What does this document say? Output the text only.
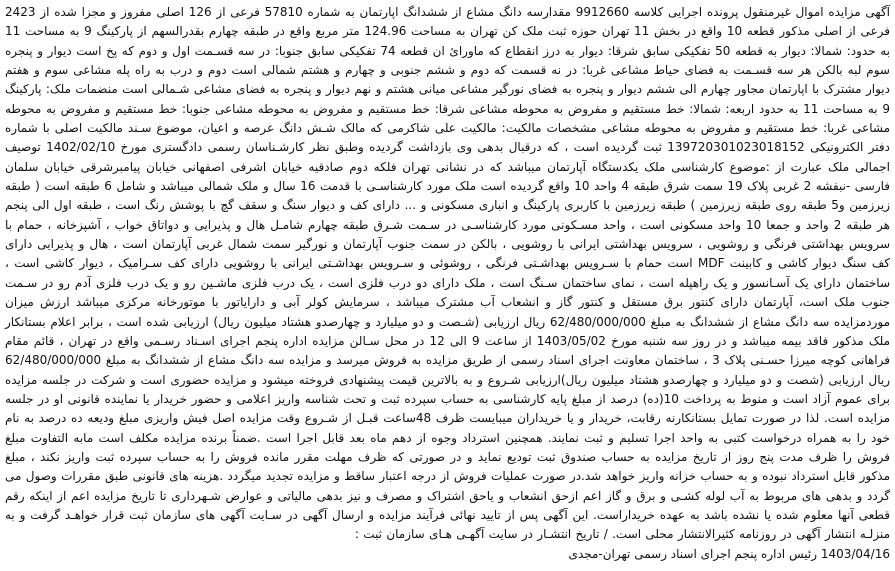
آگهی مزایده اموال غیرمنقول پرونده اجرایی کلاسه 9912660 مقدارسه دانگ مشاع از ششدانگ اپارتمان به شماره 57810 فرعی از 126 اصلی مفروز و مجزا شده از 2423 فرعی از اصلی مذکور قطعه 10 واقع در بخش 11 تهران حوزه ثبت ملک کن تهران به مساحت 124.96 متر مربع واقع در طبقه چهارم بقدرالسهم از پارکینگ 9 به مساحت 11 به حدود: شمالا: دیوار به قطعه 50 تفکیکی سابق شرقا: دیوار به درز انقطاع که ماورائ ان قطعه 74 تفکیکی سابق جنوبا: در سه قسـمت اول و دوم که پخ است دیوار و پنجره سوم لبه بالکن هر سه قسـمت به فضای حیاط مشاعی غربا: در نه قسمت که دوم و ششم جنوبی و چهارم و هشتم شمالی است دوم و درب به راه پله مشاعی سوم و هفتم دیوار مشترک با اپارتمان مجاور چهارم الی ششم دیوار و پنجره به فضای نورگیر مشاعی میانی هشتم و نهم دیوار و پنجره به فضای مشاعی شـمالی است منضمات ملک: پارکینگ 9 به مساحت 11 به حدود اربعه: شمالا: خط مستقیم و مفروض به محوطه مشاعی شرقا: خط مستقیم و مفروض به محوطه مشاعی جنوبا: خط مستقیم و مفروض به محوطه مشاعی غربا: خط مستقیم و مفروض به محوطه مشاعی مشخصات مالکیت: مالکیت علی شاکرمی که مالک شـش دانگ عرصه و اعیان، موضوع سـند مالکیت اصلی با شماره دفتر الکترونیکی 139720301023018152 ثبت گردیده است ، که درقبال بدهی وی بازداشت گردیده وطبق نظر کارشـناسان رسمی دادگستری مورخ 1402/02/10 توصیف اجمالی ملک عبارت از :موضوع کارشناسی ملک یکدستگاه آپارتمان میباشد که در نشانی تهران فلکه دوم صادقیه خیابان اشرفی اصفهانی خیابان پیامبرشرقی خیابان سلمان فارسی -نبفشه 2 غربی پلاک 19 سمت شرق طبقه 4 واحد 10 واقع گردیده است ملک مورد کارشناسـی با قدمت 16 سال و ملک شمالی میباشد و شامل 6 طبقه است ( طبقه زیرزمین و5 طبقه روی طبقه زیرزمین ) طبقه زیرزمین با کاربری پارکینگ و انباری مسکونی و ... دارای کف و دیوار سنگ و سقف گچ با پوشش رنگ است ، طبقه اول الی پنجم هر طبقه 2 واحد و جمعا 10 واحد مسکونی است ، واحد مسـکونی مورد کارشناسـی در سـمت شـرق طبقه چهارم شامـل هال و پذیرایی و دواتاق خواب ، آشپزخانه ، حمام با سرویس بهداشتی فرنگی و روشویی ، سرویس بهداشتی ایرانی با روشویی ، بالکن در سمت جنوب آپارتمان و نورگیر سمت شمال غربی آپارتمان است ، هال و پذیرایی دارای کف سنگ دیوار کاشی و کابینت MDF است حمام با سـرویس بهداشـتی فرنگی ، روشوئی و سـرویس بهداشـتی ایرانی با روشویی دارای کف سـرامیک ، دیوار کاشی است ، ساختمان دارای یک آسـانسور و یک راهپله است ، نمای ساختمان سـنگ است ، ملک دارای دو درب فلزی است ، یک درب فلزی ماشـین رو و یک درب فلزی آدم رو در سـمت جنوب ملک است، آپارتمان دارای کنتور برق مستقل و کنتور گاز و انشعاب آب مشترک میباشد ، سرمایش کولر آبی و دارایاتور با موتورخانه مرکزی میباشد ارزش میزان موردمزایده سه دانگ مشاع از ششدانگ به مبلغ 62/480/000/000 ریال ارزیابی (شـصت و دو میلیارد و چهارصدو هشتاد میلیون ریال) ارزیابی شده است ، برابر اعلام بستانکار ملک مذکور فاقد بیمه میباشد و در روز سه شنبه مورخ 1403/05/02 از ساعت 9 الی 12 در محل سـالن مزایده اداره پنجم اجرای اسـناد رسـمی واقع در تهران ، قائم مقام فراهانی کوچه میرزا حسـنی پلاک 3 ، ساختمان معاونت اجرای اسناد رسمی از طریق مزایده به فروش میرسد و مزایده سه دانگ مشاع از ششدانگ به مبلغ 62/480/000/000 ریال ارزیابی (شصت و دو میلیارد و چهارصدو هشتاد میلیون ریال)ارزیابی شـروع و به بالاترین قیمت پیشنهادی فروخته میشود و مزایده حضوری است و شرکت در جلسه مزایده برای عموم آزاد است و منوط به پرداخت 10(ده) درصد از مبلغ پایه کارشناسی به حساب سپرده ثبت و تحت شناسه واریز اعلامی و حضور خریدار یا نماینده قانونی او در جلسه مزایده است. لذا در صورت تمایل بستانکارنه رقابت، خریدار و یا خریداران میبایست ظرف 48ساعت قبـل از شـروع وقت مزایده اصل فیش واریزی مبلغ ودیعه ده درصد به نام خود را به همراه درخواست کتبی به واحد اجرا تسلیم و ثبت نمایند. همچنین استرداد وجوه از دهم ماه بعد قابل اجرا است .ضمناً برنده مزایده مکلف است مابه التفاوت مبلغ فروش را ظرف مدت پنج روز از تاریخ مزایده به حساب صندوق ثبت تودیع نماید و در صورتی که ظرف مهلت مقرر مانده فروش را به حساب سپرده ثبت واریز نکند ، مبلغ مذکور قابل استرداد نبوده و به حساب خزانه واریز خواهد شد.در صورت عملیات فروش از درجه اعتبار ساقط و مزایده تجدید میگردد .هزینه های قانونی طبق مقررات وصول می گردد و بدهی های مربوط به آب لوله کشـی و برق و گاز اعم ازحق انشعاب و یاحق اشتراک و مصرف و نیز بدهی مالیاتی و عوارض شـهرداری تا تاریخ مزایده اعم از اینکه رقم قطعی آنها معلوم شده یا نشده باشد به عهده خریداراست. این آگهی پس از تایید نهائی فرآیند مزایده و ارسال آگهی در سـایت آگهی های سازمان ثبت قرار خواهـد گرفت و به منزلـه انتشار آگهی در روزنامه کثیرالانتشار محلی است. / تاریخ انتشـار در سایت آگهـی هـای سازمان ثبت :

1403/04/16 رئیس اداره پنجم اجرای اسناد رسمی تهران-مجدی
